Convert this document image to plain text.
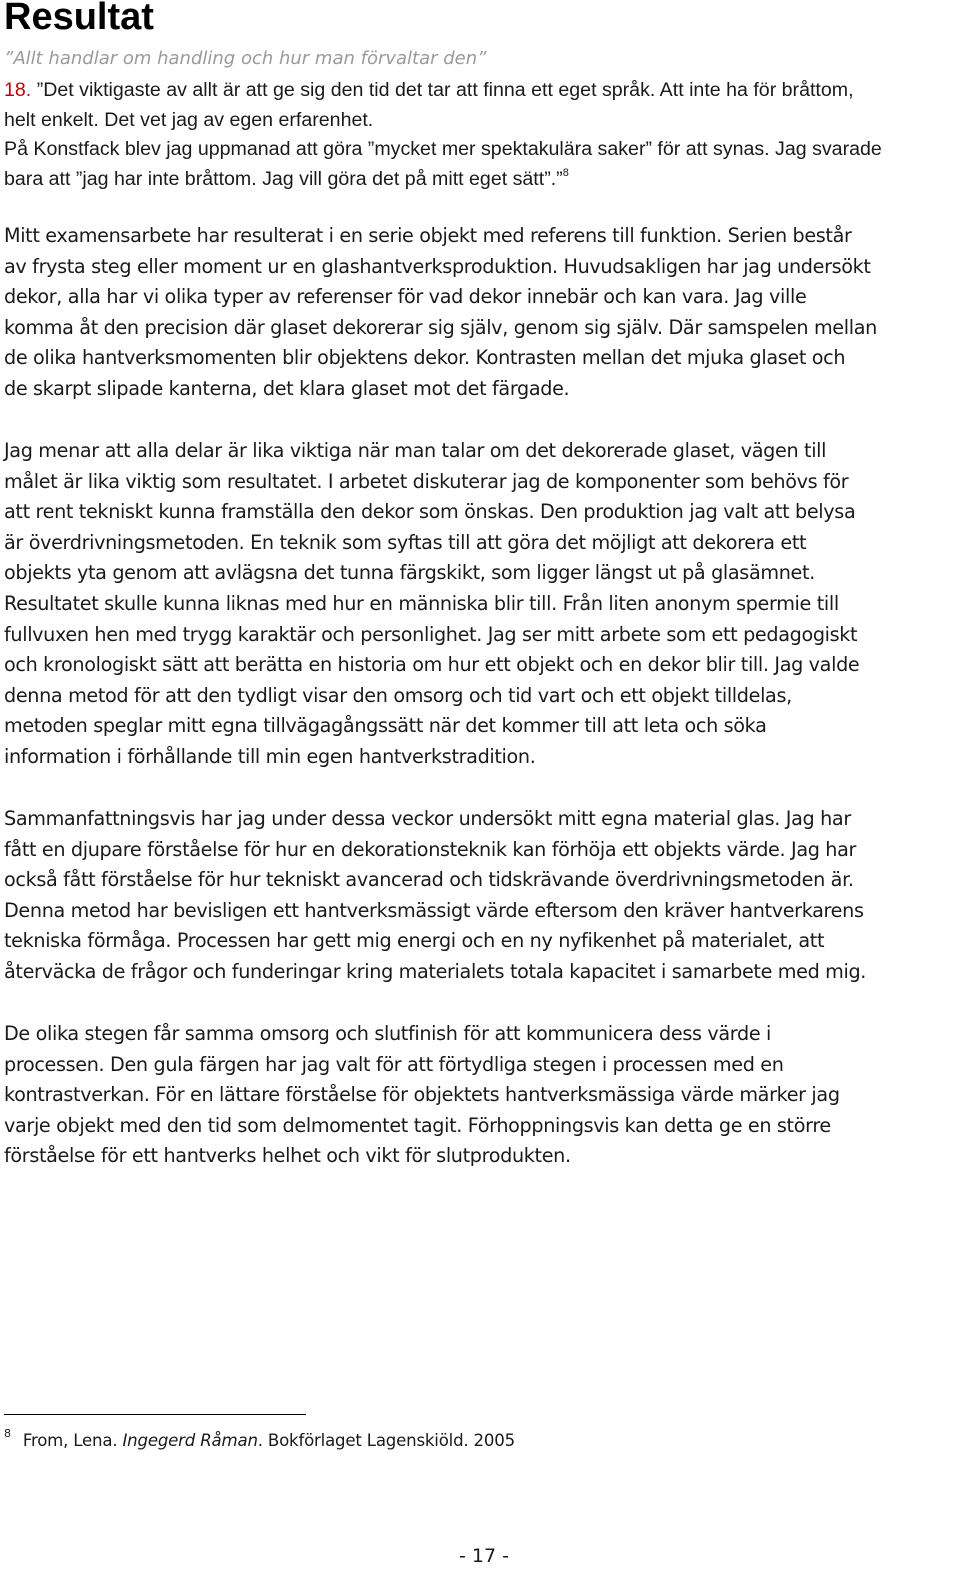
Resultat
”Allt handlar om handling och hur man förvaltar den”
18. ”Det viktigaste av allt är att ge sig den tid det tar att finna ett eget språk. Att inte ha för bråttom,
helt enkelt. Det vet jag av egen erfarenhet.
På Konstfack blev jag uppmanad att göra ”mycket mer spektakulära saker” för att synas. Jag svarade
bara att ”jag har inte bråttom. Jag vill göra det på mitt eget sätt”.”$^8$
Mitt examensarbete har resulterat i en serie objekt med referens till funktion. Serien består
av frysta steg eller moment ur en glashantverksproduktion. Huvudsakligen har jag undersökt
dekor, alla har vi olika typer av referenser för vad dekor innebär och kan vara. Jag ville
komma åt den precision där glaset dekorerar sig själv, genom sig själv. Där samspelen mellan
de olika hantverksmomenten blir objektens dekor. Kontrasten mellan det mjuka glaset och
de skarpt slipade kanterna, det klara glaset mot det färgade.
Jag menar att alla delar är lika viktiga när man talar om det dekorerade glaset, vägen till
målet är lika viktig som resultatet. I arbetet diskuterar jag de komponenter som behövs för
att rent tekniskt kunna framställa den dekor som önskas. Den produktion jag valt att belysa
är överdrivningsmetoden. En teknik som syftas till att göra det möjligt att dekorera ett
objekts yta genom att avlägsna det tunna färgskikt, som ligger längst ut på glasämnet.
Resultatet skulle kunna liknas med hur en människa blir till. Från liten anonym spermie till
fullvuxen hen med trygg karaktär och personlighet. Jag ser mitt arbete som ett pedagogiskt
och kronologiskt sätt att berätta en historia om hur ett objekt och en dekor blir till. Jag valde
denna metod för att den tydligt visar den omsorg och tid vart och ett objekt tilldelas,
metoden speglar mitt egna tillvägagångssätt när det kommer till att leta och söka
information i förhållande till min egen hantverkstradition.
Sammanfattningsvis har jag under dessa veckor undersökt mitt egna material glas. Jag har
fått en djupare förståelse för hur en dekorationsteknik kan förhöja ett objekts värde. Jag har
också fått förståelse för hur tekniskt avancerad och tidskrävande överdrivningsmetoden är.
Denna metod har bevisligen ett hantverksmässigt värde eftersom den kräver hantverkarens
tekniska förmåga. Processen har gett mig energi och en ny nyfikenhet på materialet, att
återväcka de frågor och funderingar kring materialets totala kapacitet i samarbete med mig.
De olika stegen får samma omsorg och slutfinish för att kommunicera dess värde i
processen. Den gula färgen har jag valt för att förtydliga stegen i processen med en
kontrastverkan. För en lättare förståelse för objektets hantverksmässiga värde märker jag
varje objekt med den tid som delmomentet tagit. Förhoppningsvis kan detta ge en större
förståelse för ett hantverks helhet och vikt för slutprodukten.
$^8$ From, Lena. Ingegerd Råman. Bokförlaget Lagenskiöld. 2005
- 17 -
